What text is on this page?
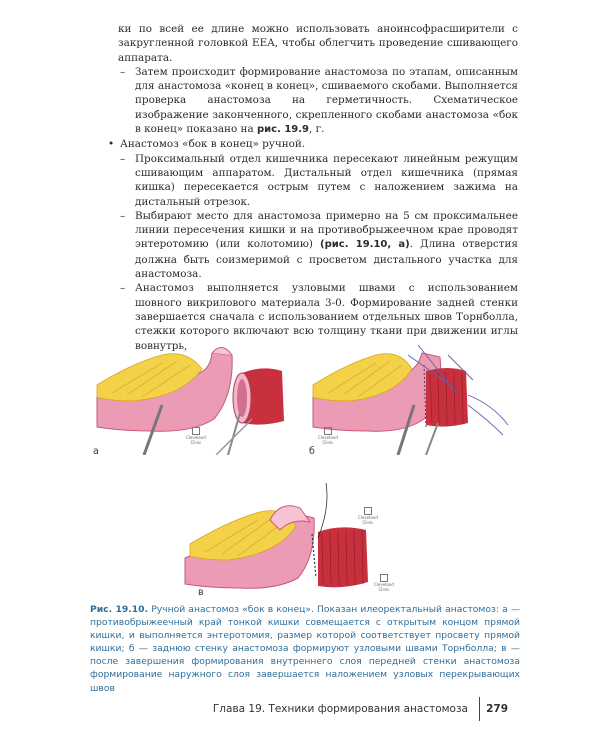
ки по всей ее длине можно использовать аноинсофрасширители с закругленной головкой EEA, чтобы облегчить проведение сшивающего аппарата.

– Затем происходит формирование анастомоза по этапам, описанным для анастомоза «конец в конец», сшиваемого скобами. Выполняется проверка анастомоза на герметичность. Схематическое изображение законченного, скрепленного скобами анастомоза «бок в конец» показано на рис. 19.9, г.

• Анастомоз «бок в конец» ручной.

– Проксимальный отдел кишечника пересекают линейным режущим сшивающим аппаратом. Дистальный отдел кишечника (прямая кишка) пересекается острым путем с наложением зажима на дистальный отрезок.

– Выбирают место для анастомоза примерно на 5 см проксимальнее линии пересечения кишки и на противобрыжеечном крае проводят энтеротомию (или колотомию) (рис. 19.10, а). Длина отверстия должна быть соизмеримой с просветом дистального участка для анастомоза.

– Анастомоз выполняется узловыми швами с использованием шовного викрилового материала 3-0. Формирование задней стенки завершается сначала с использованием отдельных швов Торнболла, стежки которого включают всю толщину ткани при движении иглы вовнутрь,

а
Cleveland
Clinic
б
Cleveland
Clinic
в
Cleveland
Clinic
Cleveland
Clinic
Рис. 19.10. Ручной анастомоз «бок в конец». Показан илеоректальный анастомоз: а — противобрыжеечный край тонкой кишки совмещается с открытым концом прямой кишки, и выполняется энтеротомия, размер которой соответствует просвету прямой кишки; б — заднюю стенку анастомоза формируют узловыми швами Торнболла; в — после завершения формирования внутреннего слоя передней стенки анастомоза формирование наружного слоя завершается наложением узловых перекрывающих швов
Глава 19. Техники формирования анастомоза 279
